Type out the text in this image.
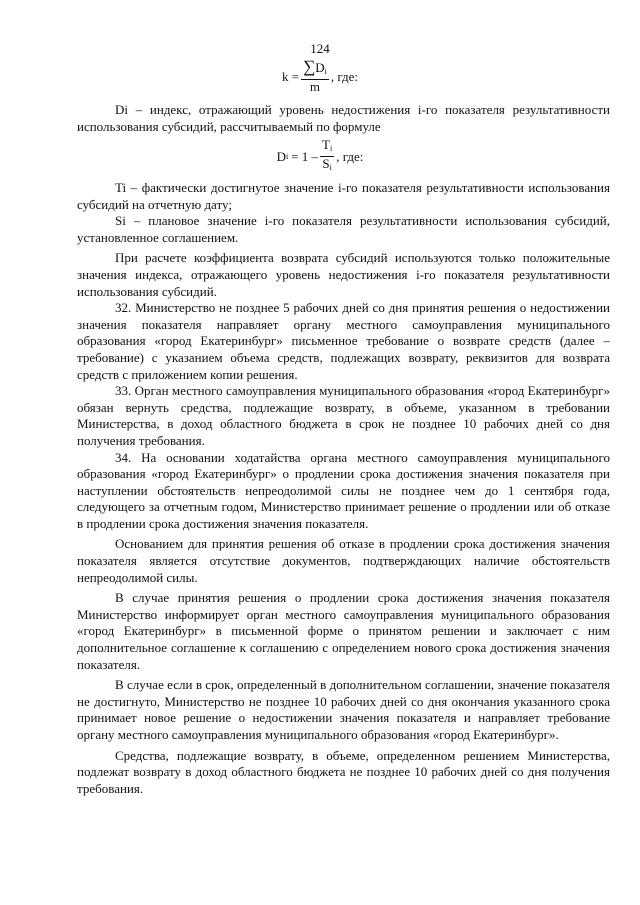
124
$k = \frac{\sum D_i}{m}$ , где:

Di – индекс, отражающий уровень недостижения i-го показателя результативности использования субсидий, рассчитываемый по формуле

D $i = 1 - \frac{T_i}{S_i}$ , где:

Ti – фактически достигнутое значение i-го показателя результативности использования субсидий на отчетную дату;

Si – плановое значение i-го показателя результативности использования субсидий, установленное соглашением.

При расчете коэффициента возврата субсидий используются только положительные значения индекса, отражающего уровень недостижения i-го показателя результативности использования субсидий.

32. Министерство не позднее 5 рабочих дней со дня принятия решения о недостижении значения показателя направляет органу местного самоуправления муниципального образования «город Екатеринбург» письменное требование о возврате средств (далее – требование) с указанием объема средств, подлежащих возврату, реквизитов для возврата средств с приложением копии решения.

33. Орган местного самоуправления муниципального образования «город Екатеринбург» обязан вернуть средства, подлежащие возврату, в объеме, указанном в требовании Министерства, в доход областного бюджета в срок не позднее 10 рабочих дней со дня получения требования.

34. На основании ходатайства органа местного самоуправления муниципального образования «город Екатеринбург» о продлении срока достижения значения показателя при наступлении обстоятельств непреодолимой силы не позднее чем до 1 сентября года, следующего за отчетным годом, Министерство принимает решение о продлении или об отказе в продлении срока достижения значения показателя.

Основанием для принятия решения об отказе в продлении срока достижения значения показателя является отсутствие документов, подтверждающих наличие обстоятельств непреодолимой силы.

В случае принятия решения о продлении срока достижения значения показателя Министерство информирует орган местного самоуправления муниципального образования «город Екатеринбург» в письменной форме о принятом решении и заключает с ним дополнительное соглашение к соглашению с определением нового срока достижения значения показателя.

В случае если в срок, определенный в дополнительном соглашении, значение показателя не достигнуто, Министерство не позднее 10 рабочих дней со дня окончания указанного срока принимает новое решение о недостижении значения показателя и направляет требование органу местного самоуправления муниципального образования «город Екатеринбург».

Средства, подлежащие возврату, в объеме, определенном решением Министерства, подлежат возврату в доход областного бюджета не позднее 10 рабочих дней со дня получения требования.
